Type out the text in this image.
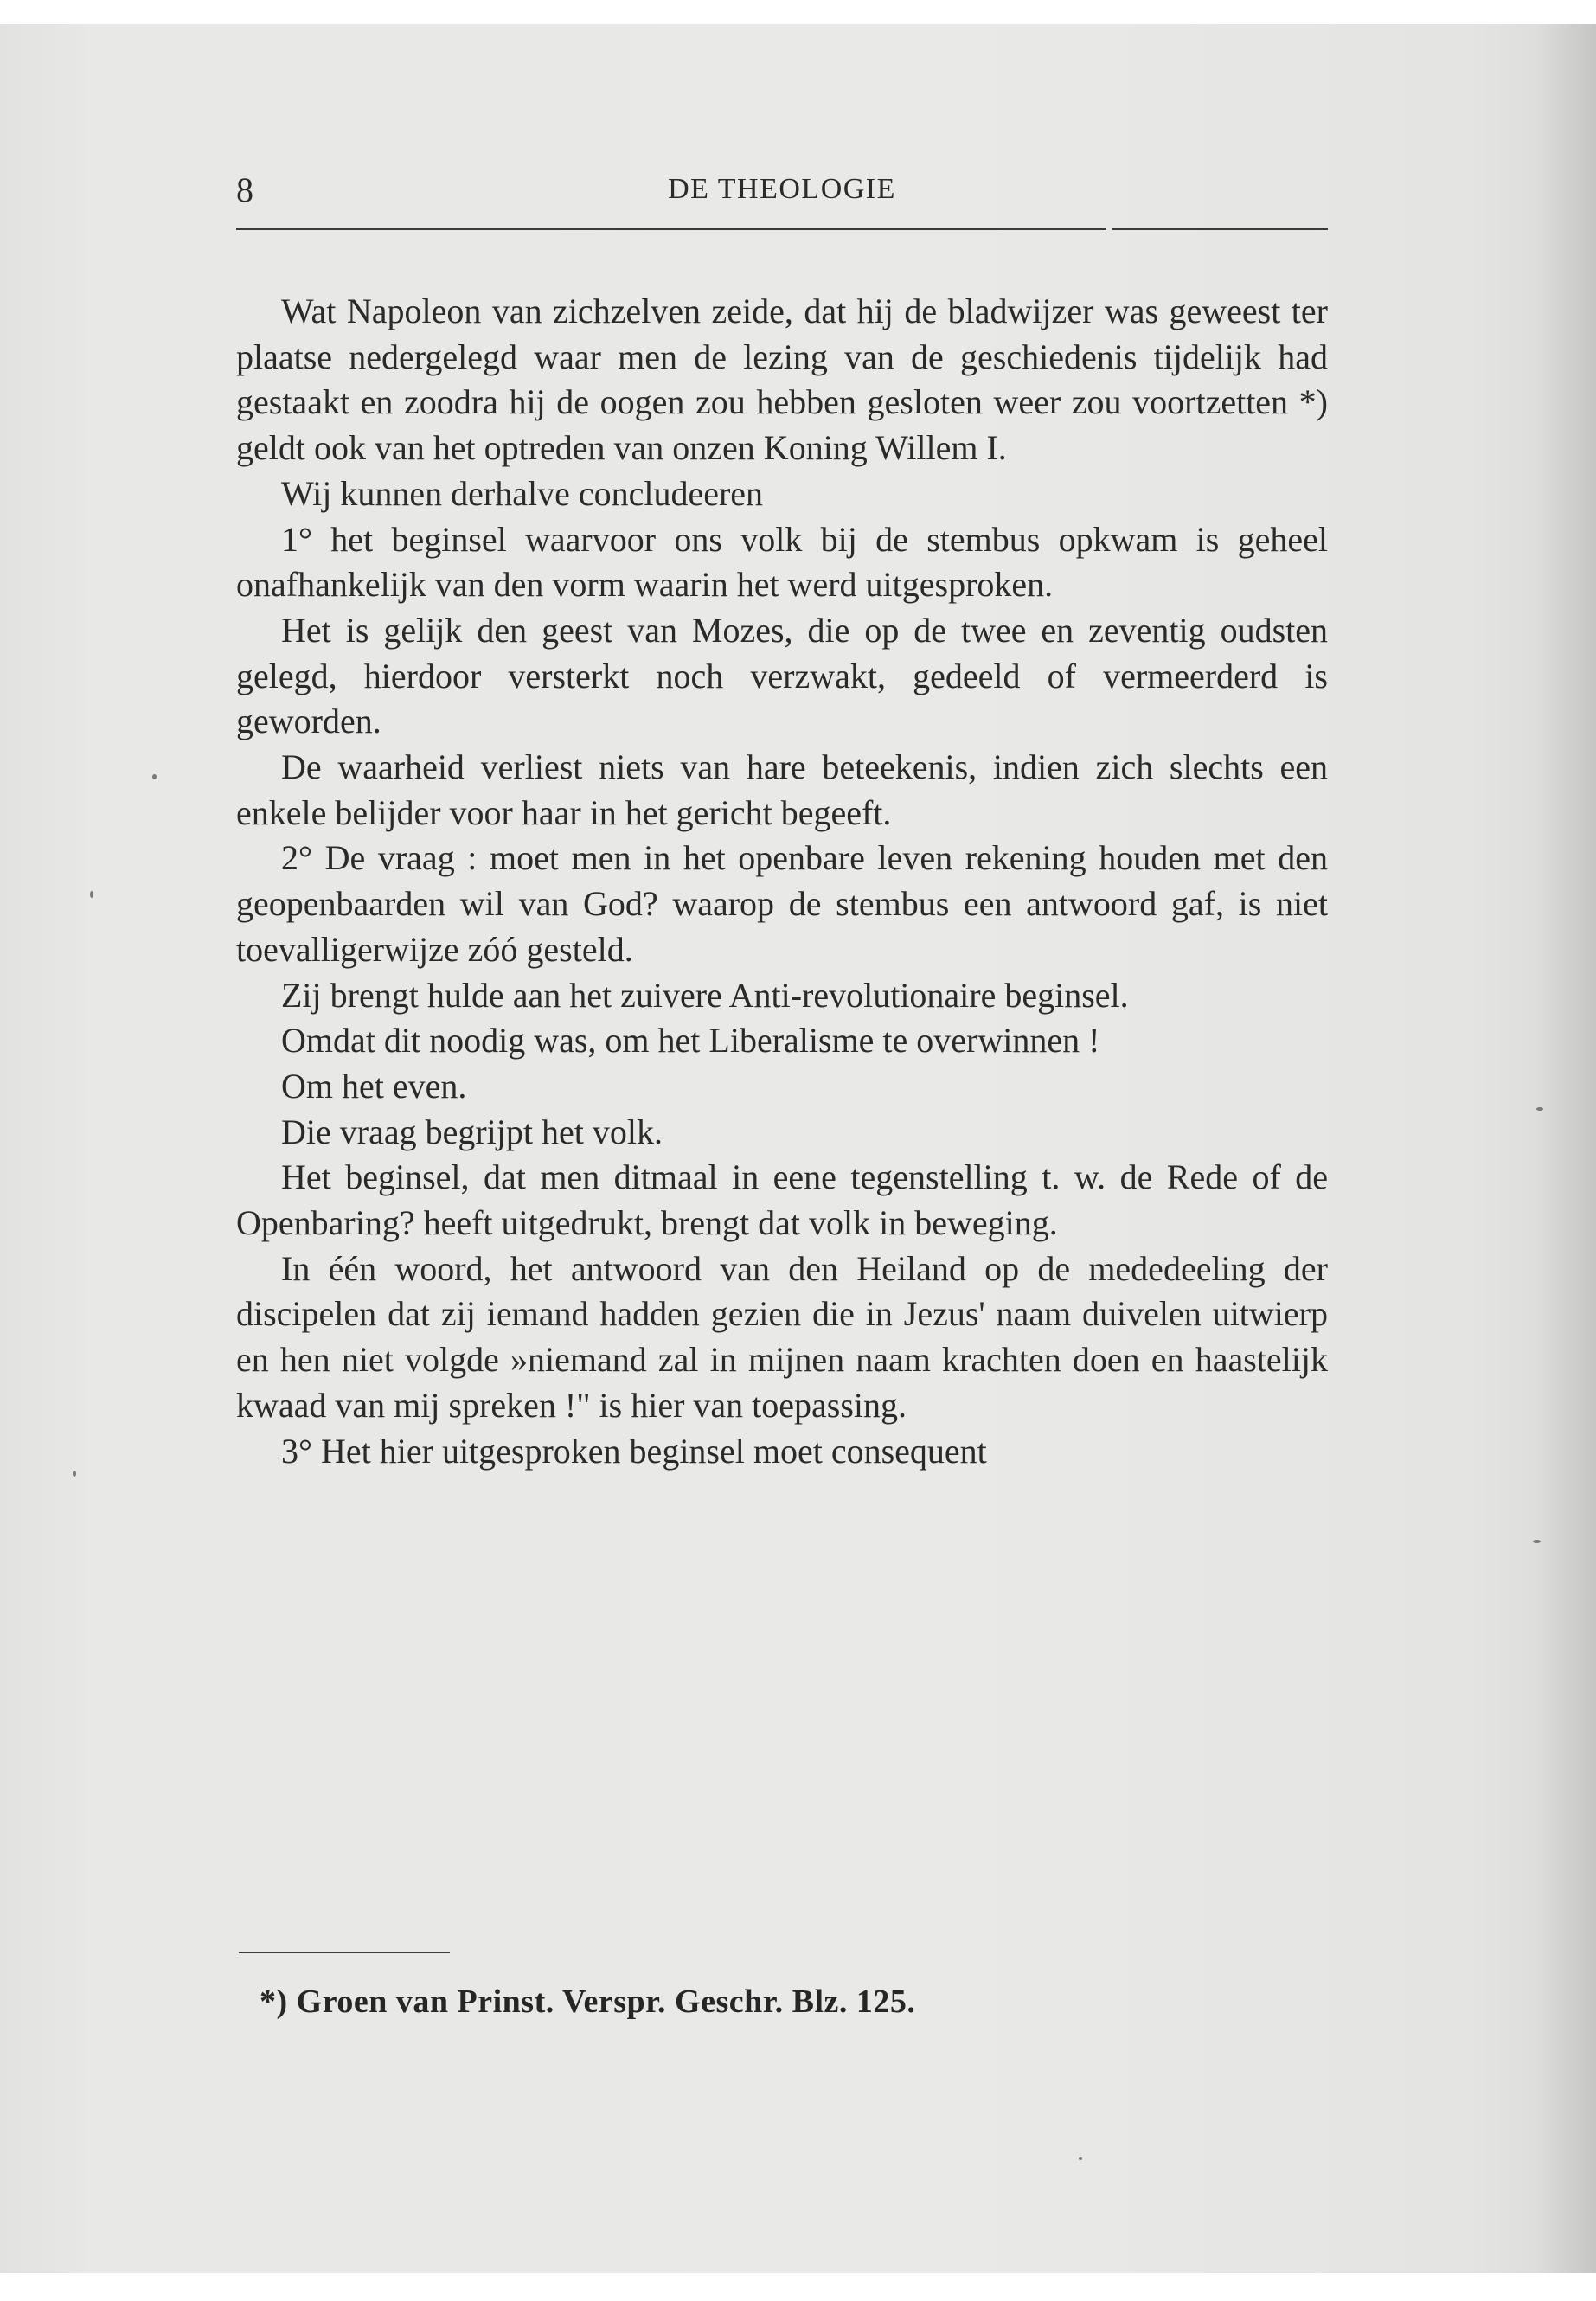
8	DE THEOLOGIE

Wat Napoleon van zichzelven zeide, dat hij de bladwijzer was geweest ter plaatse nedergelegd waar men de lezing van de geschiedenis tijdelijk had gestaakt en zoodra hij de oogen zou hebben gesloten weer zou voortzetten *) geldt ook van het optreden van onzen Koning Willem I.

Wij kunnen derhalve concludeeren

1° het beginsel waarvoor ons volk bij de stembus opkwam is geheel onafhankelijk van den vorm waarin het werd uitgesproken.

Het is gelijk den geest van Mozes, die op de twee en zeventig oudsten gelegd, hierdoor versterkt noch verzwakt, gedeeld of vermeerderd is geworden.

De waarheid verliest niets van hare beteekenis, indien zich slechts een enkele belijder voor haar in het gericht begeeft.

2° De vraag : moet men in het openbare leven rekening houden met den geopenbaarden wil van God? waarop de stembus een antwoord gaf, is niet toevalligerwijze zóó gesteld.

Zij brengt hulde aan het zuivere Anti-revolutionaire beginsel.

Omdat dit noodig was, om het Liberalisme te overwinnen !

Om het even.

Die vraag begrijpt het volk.

Het beginsel, dat men ditmaal in eene tegenstelling t. w. de Rede of de Openbaring? heeft uitgedrukt, brengt dat volk in beweging.

In één woord, het antwoord van den Heiland op de mededeeling der discipelen dat zij iemand hadden gezien die in Jezus' naam duivelen uitwierp en hen niet volgde »niemand zal in mijnen naam krachten doen en haastelijk kwaad van mij spreken !" is hier van toepassing.

3° Het hier uitgesproken beginsel moet consequent

*) Groen van Prinst. Verspr. Geschr. Blz. 125.
